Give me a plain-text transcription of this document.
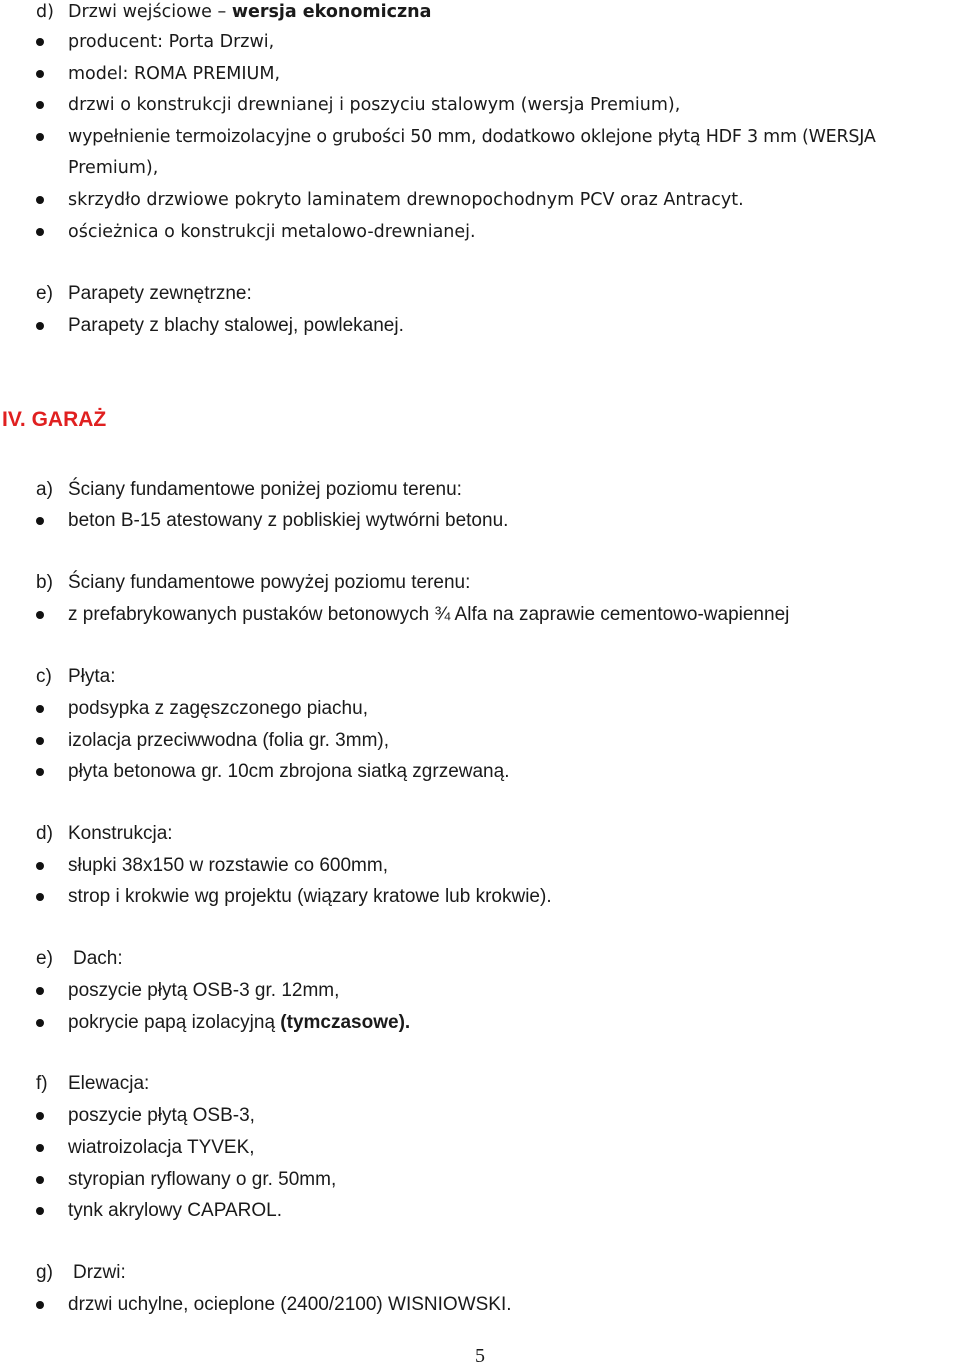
d) Drzwi wejściowe – wersja ekonomiczna
producent: Porta Drzwi,
model: ROMA PREMIUM,
drzwi o konstrukcji drewnianej i poszyciu stalowym (wersja Premium),
wypełnienie termoizolacyjne o grubości 50 mm, dodatkowo oklejone płytą HDF 3 mm (WERSJA
Premium),
skrzydło drzwiowe pokryto laminatem drewnopochodnym PCV oraz Antracyt.
ościeżnica o konstrukcji metalowo-drewnianej.
e) Parapety zewnętrzne:
Parapety z blachy stalowej, powlekanej.
IV. GARAŻ
a) Ściany fundamentowe poniżej poziomu terenu:
beton B-15 atestowany z pobliskiej wytwórni betonu.
b) Ściany fundamentowe powyżej poziomu terenu:
z prefabrykowanych pustaków betonowych ¾ Alfa na zaprawie cementowo-wapiennej
c) Płyta:
podsypka z zagęszczonego piachu,
izolacja przeciwwodna (folia gr. 3mm),
płyta betonowa gr. 10cm zbrojona siatką zgrzewaną.
d) Konstrukcja:
słupki 38x150 w rozstawie co 600mm,
strop i krokwie wg projektu (wiązary kratowe lub krokwie).
e) Dach:
poszycie płytą OSB-3 gr. 12mm,
pokrycie papą izolacyjną (tymczasowe).
f) Elewacja:
poszycie płytą OSB-3,
wiatroizolacja TYVEK,
styropian ryflowany o gr. 50mm,
tynk akrylowy CAPAROL.
g) Drzwi:
drzwi uchylne, ocieplone (2400/2100) WISNIOWSKI.
5
